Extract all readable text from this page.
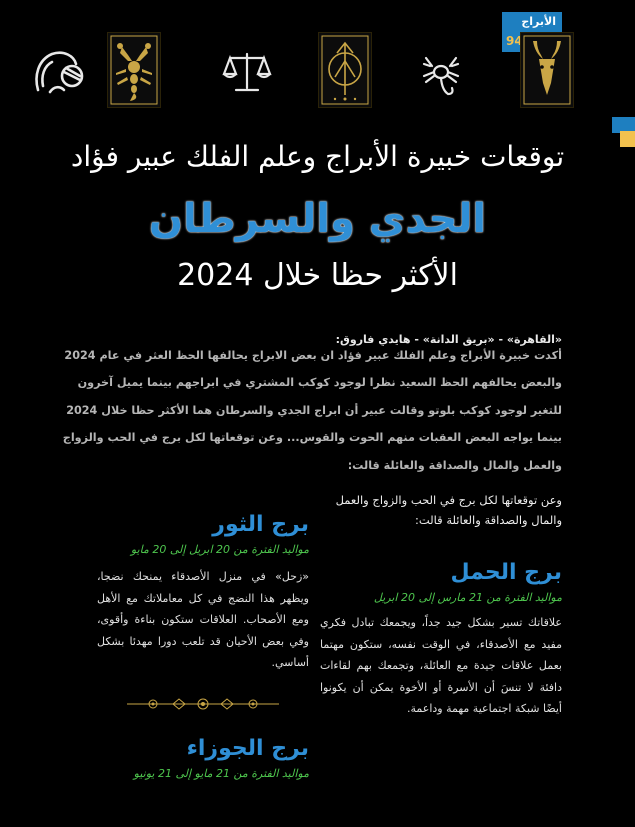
الأبراج
94
توقعات خبيرة الأبراج وعلم الفلك عبير فؤاد
الجدي والسرطان
الأكثر حظا خلال 2024

«القاهرة» - «بريق الدانة» - هايدي فاروق:

أكدت خبيرة الأبراج وعلم الفلك عبير فؤاد ان بعض الابراج يحالفها الحظ العثر في عام 2024

والبعض يحالفهم الحظ السعيد نظرا لوجود كوكب المشتري في ابراجهم بينما يميل آخرون

للتغير لوجود كوكب بلوتو وقالت عبير أن ابراج الجدي والسرطان هما الأكثر حظا خلال 2024

بينما يواجه البعض العقبات منهم الحوت والقوس... وعن توقعاتها لكل برج في الحب والزواج

والعمل والمال والصداقة والعائلة قالت:

وعن توقعاتها لكل برج في الحب والزواج والعمل والمال والصداقة والعائلة قالت:

برج الحمل

مواليد الفترة من 21 مارس إلى 20 ابريل

علاقاتك تسير بشكل جيد جداً، ويجمعك تبادل فكري مفيد مع الأصدقاء، في الوقت نفسه، ستكون مهتما بعمل علاقات جيدة مع العائلة، وتجمعك بهم لقاءات دافئة لا تنسَ أن الأسرة أو الأخوة يمكن أن يكونوا أيضًا شبكة اجتماعية مهمة وداعمة.

برج الثور

مواليد الفترة من 20 ابريل إلى 20 مايو

«زحل» في منزل الأصدقاء يمنحك نضجا، ويظهر هذا النضج في كل معاملاتك مع الأهل ومع الأصحاب. العلاقات ستكون بناءة وأقوى، وفي بعض الأحيان قد تلعب دورا مهدئا بشكل أساسي.

برج الجوزاء

مواليد الفترة من 21 مايو إلى 21 يونيو
